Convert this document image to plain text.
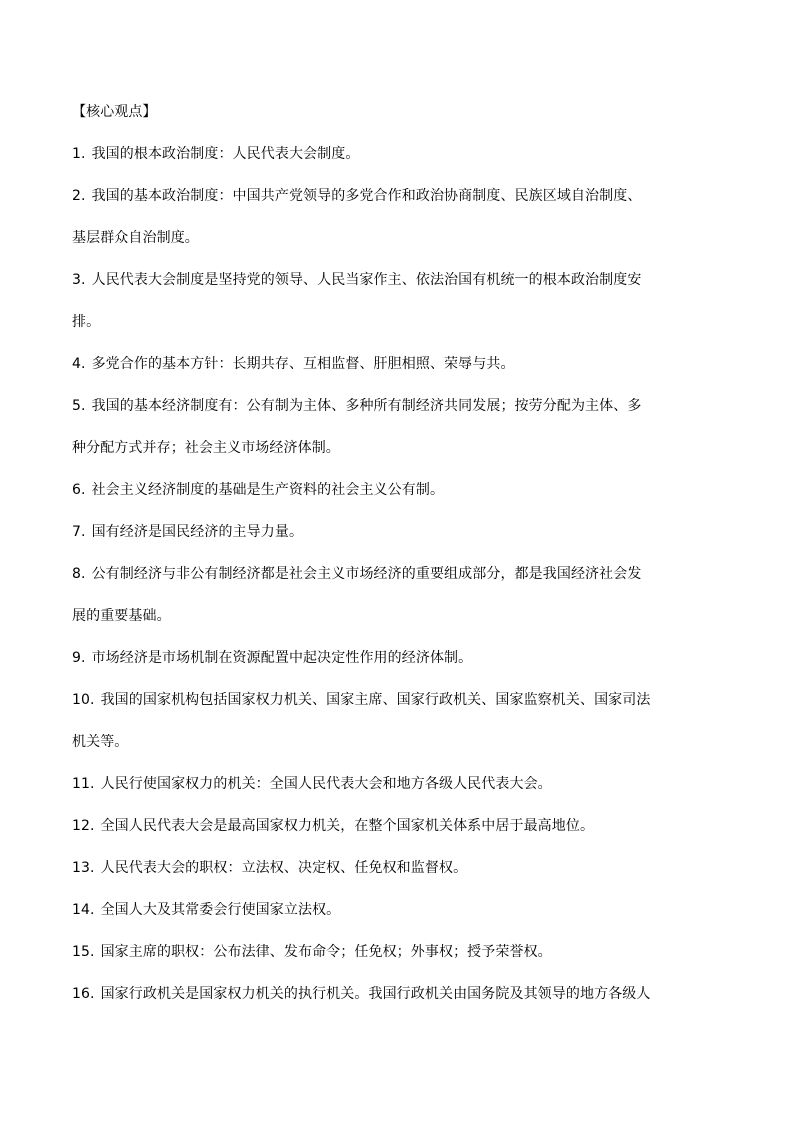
【核心观点】
1. 我国的根本政治制度：人民代表大会制度。
2. 我国的基本政治制度：中国共产党领导的多党合作和政治协商制度、民族区域自治制度、
基层群众自治制度。
3. 人民代表大会制度是坚持党的领导、人民当家作主、依法治国有机统一的根本政治制度安
排。
4. 多党合作的基本方针：长期共存、互相监督、肝胆相照、荣辱与共。
5. 我国的基本经济制度有：公有制为主体、多种所有制经济共同发展；按劳分配为主体、多
种分配方式并存；社会主义市场经济体制。
6. 社会主义经济制度的基础是生产资料的社会主义公有制。
7. 国有经济是国民经济的主导力量。
8. 公有制经济与非公有制经济都是社会主义市场经济的重要组成部分，都是我国经济社会发
展的重要基础。
9. 市场经济是市场机制在资源配置中起决定性作用的经济体制。
10. 我国的国家机构包括国家权力机关、国家主席、国家行政机关、国家监察机关、国家司法
机关等。
11. 人民行使国家权力的机关：全国人民代表大会和地方各级人民代表大会。
12. 全国人民代表大会是最高国家权力机关，在整个国家机关体系中居于最高地位。
13. 人民代表大会的职权：立法权、决定权、任免权和监督权。
14. 全国人大及其常委会行使国家立法权。
15. 国家主席的职权：公布法律、发布命令；任免权；外事权；授予荣誉权。
16. 国家行政机关是国家权力机关的执行机关。我国行政机关由国务院及其领导的地方各级人
